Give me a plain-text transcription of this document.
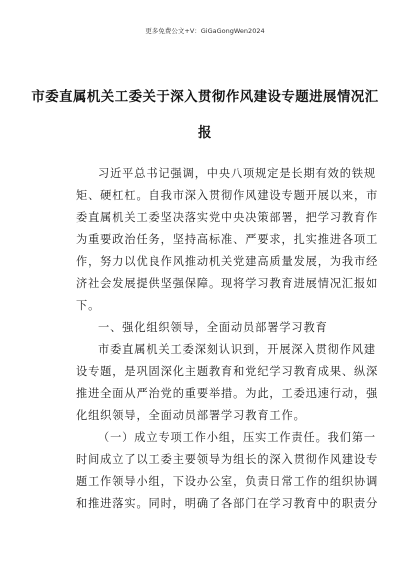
更多免费公文+V：GiGaGongWen2024
市委直属机关工委关于深入贯彻作风建设专题进展情况汇
报
习近平总书记强调，中央八项规定是长期有效的铁规
矩、硬杠杠。自我市深入贯彻作风建设专题开展以来，市
委直属机关工委坚决落实党中央决策部署，把学习教育作
为重要政治任务，坚持高标准、严要求，扎实推进各项工
作，努力以优良作风推动机关党建高质量发展，为我市经
济社会发展提供坚强保障。现将学习教育进展情况汇报如
下。
一、强化组织领导，全面动员部署学习教育
市委直属机关工委深刻认识到，开展深入贯彻作风建
设专题，是巩固深化主题教育和党纪学习教育成果、纵深
推进全面从严治党的重要举措。为此，工委迅速行动，强
化组织领导，全面动员部署学习教育工作。
（一）成立专项工作小组，压实工作责任。我们第一
时间成立了以工委主要领导为组长的深入贯彻作风建设专
题工作领导小组，下设办公室，负责日常工作的组织协调
和推进落实。同时，明确了各部门在学习教育中的职责分
